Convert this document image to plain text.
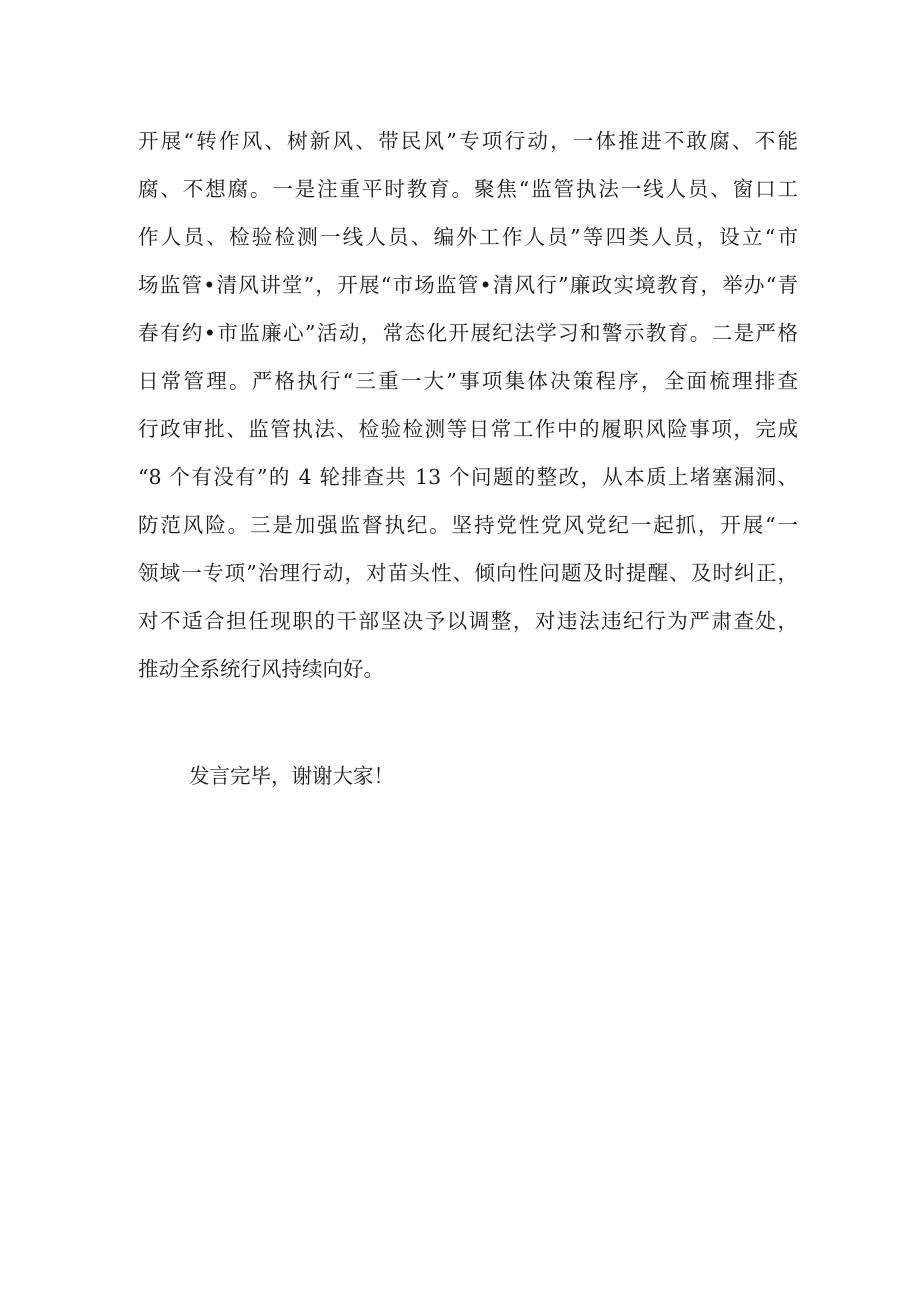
开展“转作风、树新风、带民风”专项行动，一体推进不敢腐、不能
腐、不想腐。一是注重平时教育。聚焦“监管执法一线人员、窗口工
作人员、检验检测一线人员、编外工作人员”等四类人员，设立“市
场监管•清风讲堂”，开展“市场监管•清风行”廉政实境教育，举办“青
春有约•市监廉心”活动，常态化开展纪法学习和警示教育。二是严格
日常管理。严格执行“三重一大”事项集体决策程序，全面梳理排查
行政审批、监管执法、检验检测等日常工作中的履职风险事项，完成
“8 个有没有”的 4 轮排查共 13 个问题的整改，从本质上堵塞漏洞、
防范风险。三是加强监督执纪。坚持党性党风党纪一起抓，开展“一
领域一专项”治理行动，对苗头性、倾向性问题及时提醒、及时纠正，
对不适合担任现职的干部坚决予以调整，对违法违纪行为严肃查处，
推动全系统行风持续向好。
发言完毕，谢谢大家！
